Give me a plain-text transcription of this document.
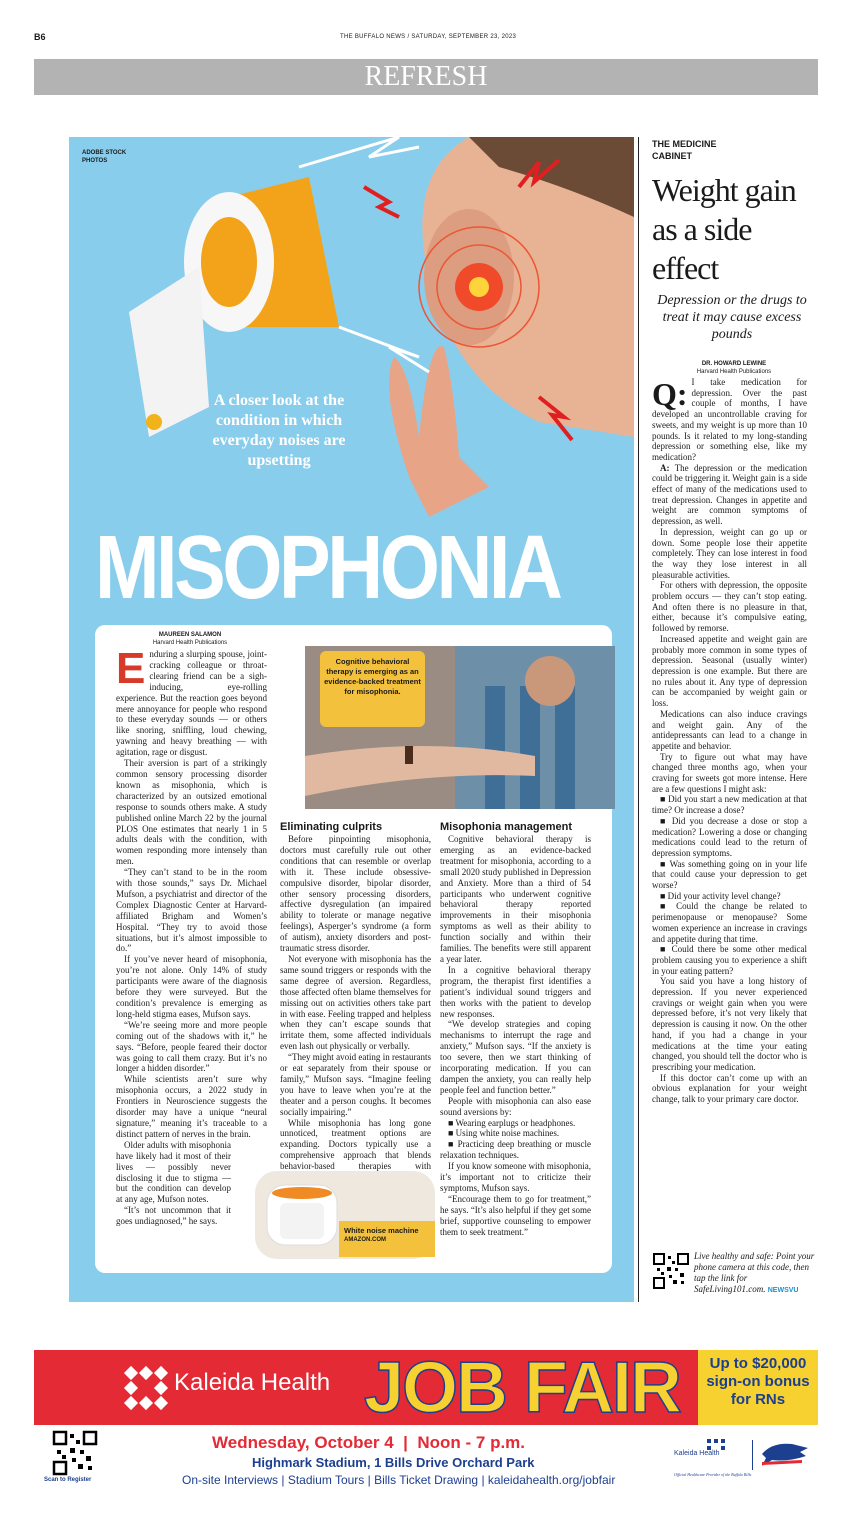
B6	THE BUFFALO NEWS / SATURDAY, SEPTEMBER 23, 2023
REFRESH
ADOBE STOCK PHOTOS
A closer look at the condition in which everyday noises are upsetting
MISOPHONIA
MAUREEN SALAMON
Harvard Health Publications
E nduring a slurping spouse, joint-cracking colleague or throat-clearing friend can be a sigh-inducing, eye-rolling experience. But the reaction goes beyond mere annoyance for people who respond to these everyday sounds — or others like snoring, sniffling, loud chewing, yawning and heavy breathing — with agitation, rage or disgust.

Their aversion is part of a strikingly common sensory processing disorder known as misophonia, which is characterized by an outsized emotional response to sounds others make. A study published online March 22 by the journal PLOS One estimates that nearly 1 in 5 adults deals with the condition, with women responding more intensely than men.

“They can’t stand to be in the room with those sounds,” says Dr. Michael Mufson, a psychiatrist and director of the Complex Diagnostic Center at Harvard-affiliated Brigham and Women’s Hospital. “They try to avoid those situations, but it’s almost impossible to do.”

If you’ve never heard of misophonia, you’re not alone. Only 14% of study participants were aware of the diagnosis before they were surveyed. But the condition’s prevalence is emerging as long-held stigma eases, Mufson says.

“We’re seeing more and more people coming out of the shadows with it,” he says. “Before, people feared their doctor was going to call them crazy. But it’s no longer a hidden disorder.”

While scientists aren’t sure why misophonia occurs, a 2022 study in Frontiers in Neuroscience suggests the disorder may have a unique “neural signature,” meaning it’s traceable to a distinct pattern of nerves in the brain.

Older adults with misophonia have likely had it most of their lives — possibly never disclosing it due to stigma — but the condition can develop at any age, Mufson notes.

“It’s not uncommon that it goes undiagnosed,” he says.

Cognitive behavioral therapy is emerging as an evidence-backed treatment for misophonia.
Eliminating culprits

Before pinpointing misophonia, doctors must carefully rule out other conditions that can resemble or overlap with it. These include obsessive-compulsive disorder, bipolar disorder, other sensory processing disorders, affective dysregulation (an impaired ability to tolerate or manage negative feelings), Asperger’s syndrome (a form of autism), anxiety disorders and post-traumatic stress disorder.

Not everyone with misophonia has the same sound triggers or responds with the same degree of aversion. Regardless, those affected often blame themselves for missing out on activities others take part in with ease. Feeling trapped and helpless when they can’t escape sounds that irritate them, some affected individuals even lash out physically or verbally.

“They might avoid eating in restaurants or eat separately from their spouse or family,” Mufson says. “Imagine feeling you have to leave when you’re at the theater and a person coughs. It becomes socially impairing.”

While misophonia has long gone unnoticed, treatment options are expanding. Doctors typically use a comprehensive approach that blends behavior-based therapies with

Misophonia management

Cognitive behavioral therapy is emerging as an evidence-backed treatment for misophonia, according to a small 2020 study published in Depression and Anxiety. More than a third of 54 participants who underwent cognitive behavioral therapy reported improvements in their misophonia symptoms as well as their ability to function socially and within their families. The benefits were still apparent a year later.

In a cognitive behavioral therapy program, the therapist first identifies a patient’s individual sound triggers and then works with the patient to develop new responses.

“We develop strategies and coping mechanisms to interrupt the rage and anxiety,” Mufson says. “If the anxiety is too severe, then we start thinking of incorporating medication. If you can dampen the anxiety, you can really help people feel and function better.”

People with misophonia can also ease sound aversions by:

■ Wearing earplugs or headphones.

■ Using white noise machines.

■ Practicing deep breathing or muscle relaxation techniques.

If you know someone with misophonia, it’s important not to criticize their symptoms, Mufson says.

“Encourage them to go for treatment,” he says. “It’s also helpful if they get some brief, supportive counseling to empower them to seek treatment.”

White noise machine
AMAZON.COM
THE MEDICINE CABINET
Weight gain as a side effect
Depression or the drugs to treat it may cause excess pounds
DR. HOWARD LEWINE
Harvard Health Publications
Q: I take medication for depression. Over the past couple of months, I have developed an uncontrollable craving for sweets, and my weight is up more than 10 pounds. Is it related to my long-standing depression or something else, like my medication?

A: The depression or the medication could be triggering it. Weight gain is a side effect of many of the medications used to treat depression. Changes in appetite and weight are common symptoms of depression, as well.

In depression, weight can go up or down. Some people lose their appetite completely. They can lose interest in food the way they lose interest in all pleasurable activities.

For others with depression, the opposite problem occurs — they can’t stop eating. And often there is no pleasure in that, either, because it’s compulsive eating, followed by remorse.

Increased appetite and weight gain are probably more common in some types of depression. Seasonal (usually winter) depression is one example. But there are no rules about it. Any type of depression can be accompanied by weight gain or loss.

Medications can also induce cravings and weight gain. Any of the antidepressants can lead to a change in appetite and behavior.

Try to figure out what may have changed three months ago, when your craving for sweets got more intense. Here are a few questions I might ask:

■ Did you start a new medication at that time? Or increase a dose?

■ Did you decrease a dose or stop a medication? Lowering a dose or changing medications could lead to the return of depression symptoms.

■ Was something going on in your life that could cause your depression to get worse?

■ Did your activity level change?

■ Could the change be related to perimenopause or menopause? Some women experience an increase in cravings and appetite during that time.

■ Could there be some other medical problem causing you to experience a shift in your eating pattern?

You said you have a long history of depression. If you never experienced cravings or weight gain when you were depressed before, it’s not very likely that depression is causing it now. On the other hand, if you had a change in your medications at the time your eating changed, you should tell the doctor who is prescribing your medication.

If this doctor can’t come up with an obvious explanation for your weight change, talk to your primary care doctor.

Live healthy and safe: Point your phone camera at this code, then tap the link for SafeLiving101.com. NEWSVU
Kaleida Health JOB FAIR	Up to $20,000 sign-on bonus for RNs
Scan to Register
Wednesday, October 4  |  Noon - 7 p.m.
Highmark Stadium, 1 Bills Drive Orchard Park
On-site Interviews | Stadium Tours | Bills Ticket Drawing | kaleidahealth.org/jobfair
Kaleida Health
Official Healthcare Provider of the Buffalo Bills
